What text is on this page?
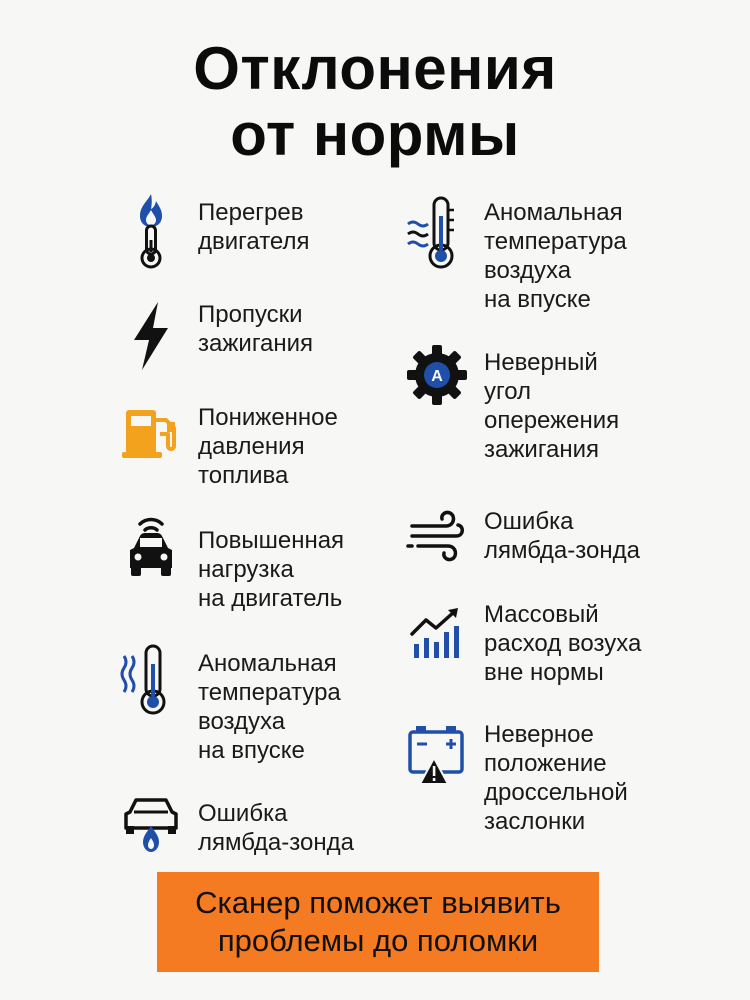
Отклонения
от нормы
Перегрев
двигателя
Пропуски
зажигания
Пониженное
давления
топлива
Повышенная
нагрузка
на двигатель
Аномальная
температура
воздуха
на впуске
Ошибка
лямбда-зонда
Аномальная
температура
воздуха
на впуске
A
Неверный
угол
опережения
зажигания
Ошибка
лямбда-зонда
Массовый
расход возуха
вне нормы
Неверное
положение
дроссельной
заслонки
Сканер поможет выявить
проблемы до поломки
